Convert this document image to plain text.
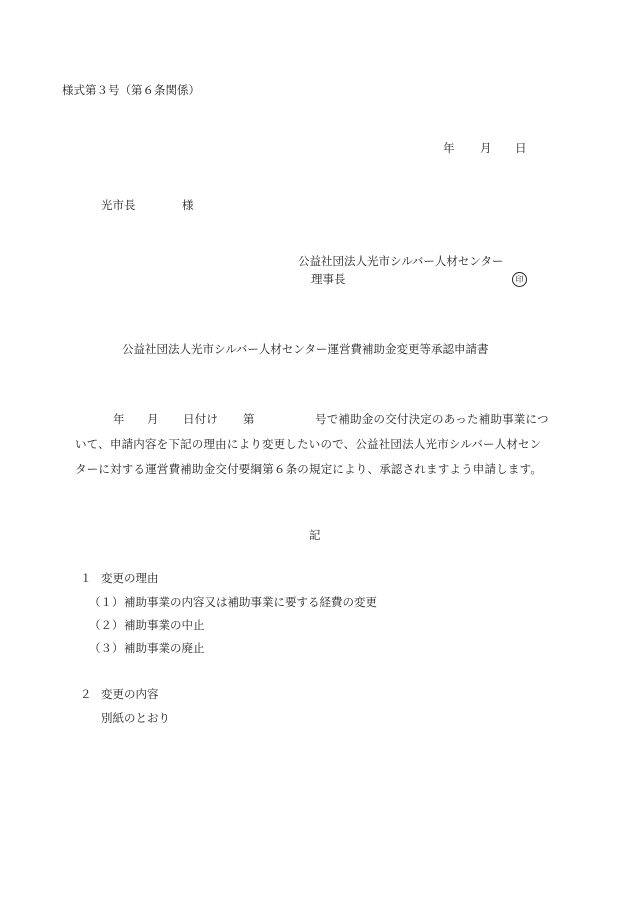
様式第３号（第６条関係）
年 月 日
光市長	様
公益社団法人光市シルバー人材センター
理事長	印
公益社団法人光市シルバー人材センター運営費補助金変更等承認申請書
年 月 日付け 第	号で補助金の交付決定のあった補助事業につ
いて、申請内容を下記の理由により変更したいので、公益社団法人光市シルバー人材セン
ターに対する運営費補助金交付要綱第６条の規定により、承認されますよう申請します。
記
１ 変更の理由
（１） 補助事業の内容又は補助事業に要する経費の変更
（２） 補助事業の中止
（３） 補助事業の廃止
２ 変更の内容
別紙のとおり
